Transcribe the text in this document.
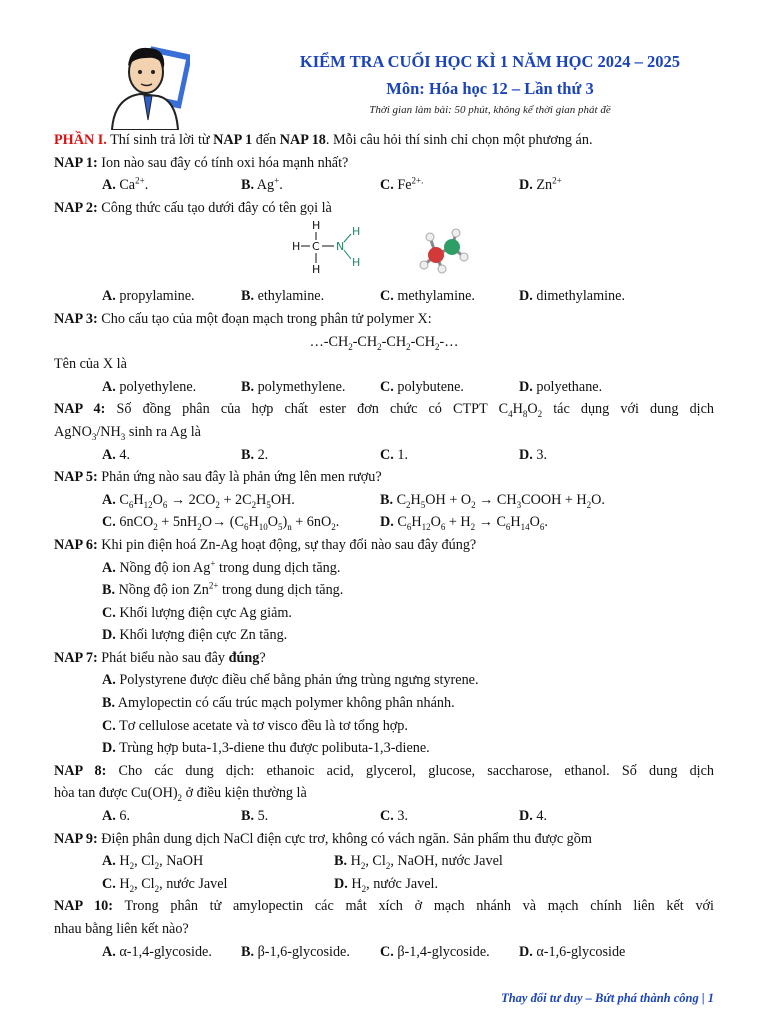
KIỂM TRA CUỐI HỌC KÌ 1 NĂM HỌC 2024 – 2025
Môn: Hóa học 12 – Lần thứ 3
Thời gian làm bài: 50 phút, không kể thời gian phát đề
PHẦN I. Thí sinh trả lời từ NAP 1 đến NAP 18. Mỗi câu hỏi thí sinh chỉ chọn một phương án.
NAP 1: Ion nào sau đây có tính oxi hóa mạnh nhất?
A. $Ca^{2+}$.	B. Ag+.	C. $Fe^{2+.}$	D. $Zn^{2+}$
NAP 2: Công thức cấu tạo dưới đây có tên gọi là
H
H C
H
N
H
H
A. propylamine.	B. ethylamine.	C. methylamine.	D. dimethylamine.
NAP 3: Cho cấu tạo của một đoạn mạch trong phân tử polymer X:
$\dots-CH_2-CH_2-CH_2-CH_2-\dots$
Tên của X là
A. polyethylene.	B. polymethylene.	C. polybutene.	D. polyethane.
NAP 4: Số đồng phân của hợp chất ester đơn chức có CTPT $C_4H_8O_2$ tác dụng với dung dịch
$AgNO_3/NH_3$ sinh ra Ag là
A. 4.	B. 2.	C. 1.	D. 3.
NAP 5: Phản ứng nào sau đây là phản ứng lên men rượu?
A. $C_6H_{12}O_6 \to 2CO_2 + 2C_2H_5OH$.	B. $C_2H_5OH + O_2$ → $CH_3COOH + H_2O$.
C. $6nCO_2 + 5nH_2O\to (C_6H_{10}O_5)_n + 6nO_2$.	D. $C_6H_{12}O_6 + H_2 \to C_6H_{14}O_6$.
NAP 6: Khi pin điện hoá Zn-Ag hoạt động, sự thay đổi nào sau đây đúng?
A. Nồng độ ion Ag+ trong dung dịch tăng.
B. Nồng độ ion $Zn^{2+}$ trong dung dịch tăng.
C. Khối lượng điện cực Ag giảm.
D. Khối lượng điện cực Zn tăng.
NAP 7: Phát biểu nào sau đây đúng?
A. Polystyrene được điều chế bằng phản ứng trùng ngưng styrene.
B. Amylopectin có cấu trúc mạch polymer không phân nhánh.
C. Tơ cellulose acetate và tơ visco đều là tơ tổng hợp.
D. Trùng hợp buta-1,3-diene thu được polibuta-1,3-diene.
NAP 8: Cho các dung dịch: ethanoic acid, glycerol, glucose, saccharose, ethanol. Số dung dịch
hòa tan được $Cu(OH)_2$ ở điều kiện thường là
A. 6.	B. 5.	C. 3.	D. 4.
NAP 9: Điện phân dung dịch NaCl điện cực trơ, không có vách ngăn. Sản phẩm thu được gồm
A. $H_2$, $Cl_2$, NaOH	B. $H_2$, $Cl_2$, NaOH, nước Javel
C. $H_2$, $Cl_2$, nước Javel	D. $H_2$, nước Javel.
NAP 10: Trong phân tử amylopectin các mắt xích ở mạch nhánh và mạch chính liên kết với
nhau bằng liên kết nào?
A. α-1,4-glycoside.	B. β-1,6-glycoside.	C. β-1,4-glycoside.	D. α-1,6-glycoside
Thay đổi tư duy – Bứt phá thành công | 1
